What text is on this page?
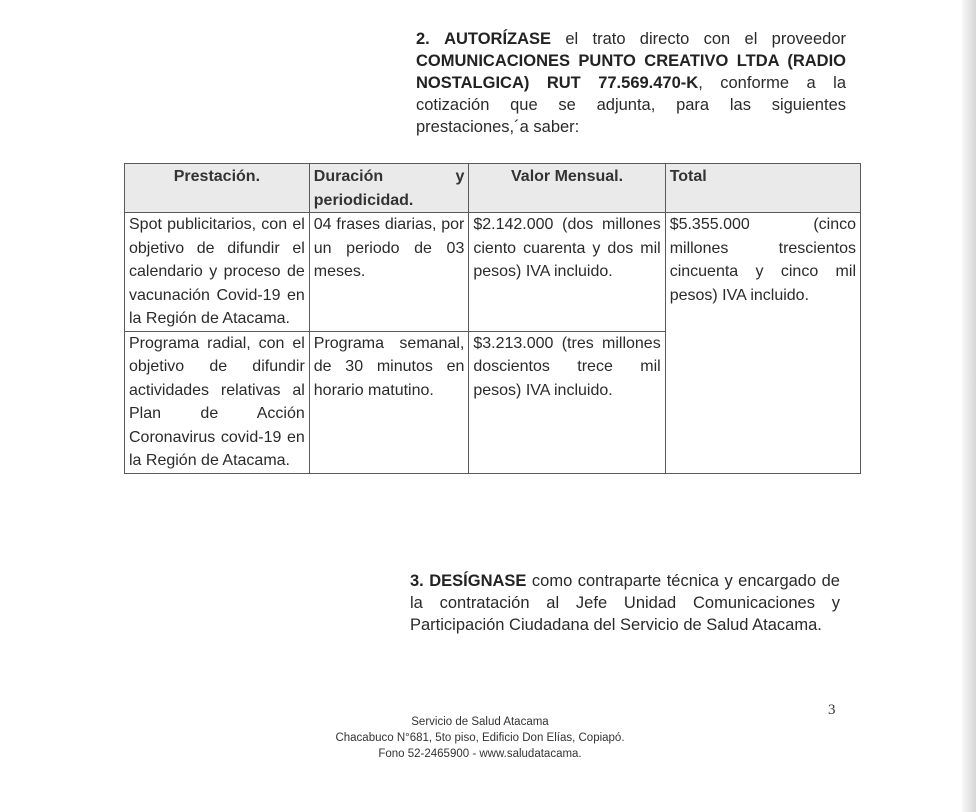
2. AUTORÍZASE el trato directo con el proveedor COMUNICACIONES PUNTO CREATIVO LTDA (RADIO NOSTALGICA) RUT 77.569.470-K, conforme a la cotización que se adjunta, para las siguientes prestaciones,´a saber:

Prestación.	Duración y periodicidad.	Valor Mensual.	Total
Spot publicitarios, con el objetivo de difundir el calendario y proceso de vacunación Covid-19 en la Región de Atacama.	04 frases diarias, por un periodo de 03 meses.	$2.142.000 (dos millones ciento cuarenta y dos mil pesos) IVA incluido.	$5.355.000 (cinco millones trescientos cincuenta y cinco mil pesos) IVA incluido.
Programa radial, con el objetivo de difundir actividades relativas al Plan de Acción Coronavirus covid-19 en la Región de Atacama.	Programa semanal, de 30 minutos en horario matutino.	$3.213.000 (tres millones doscientos trece mil pesos) IVA incluido.	

3. DESÍGNASE como contraparte técnica y encargado de la contratación al Jefe Unidad Comunicaciones y Participación Ciudadana del Servicio de Salud Atacama.

3
Servicio de Salud Atacama
Chacabuco N°681, 5to piso, Edificio Don Elías, Copiapó.
Fono 52-2465900 - www.saludatacama.
